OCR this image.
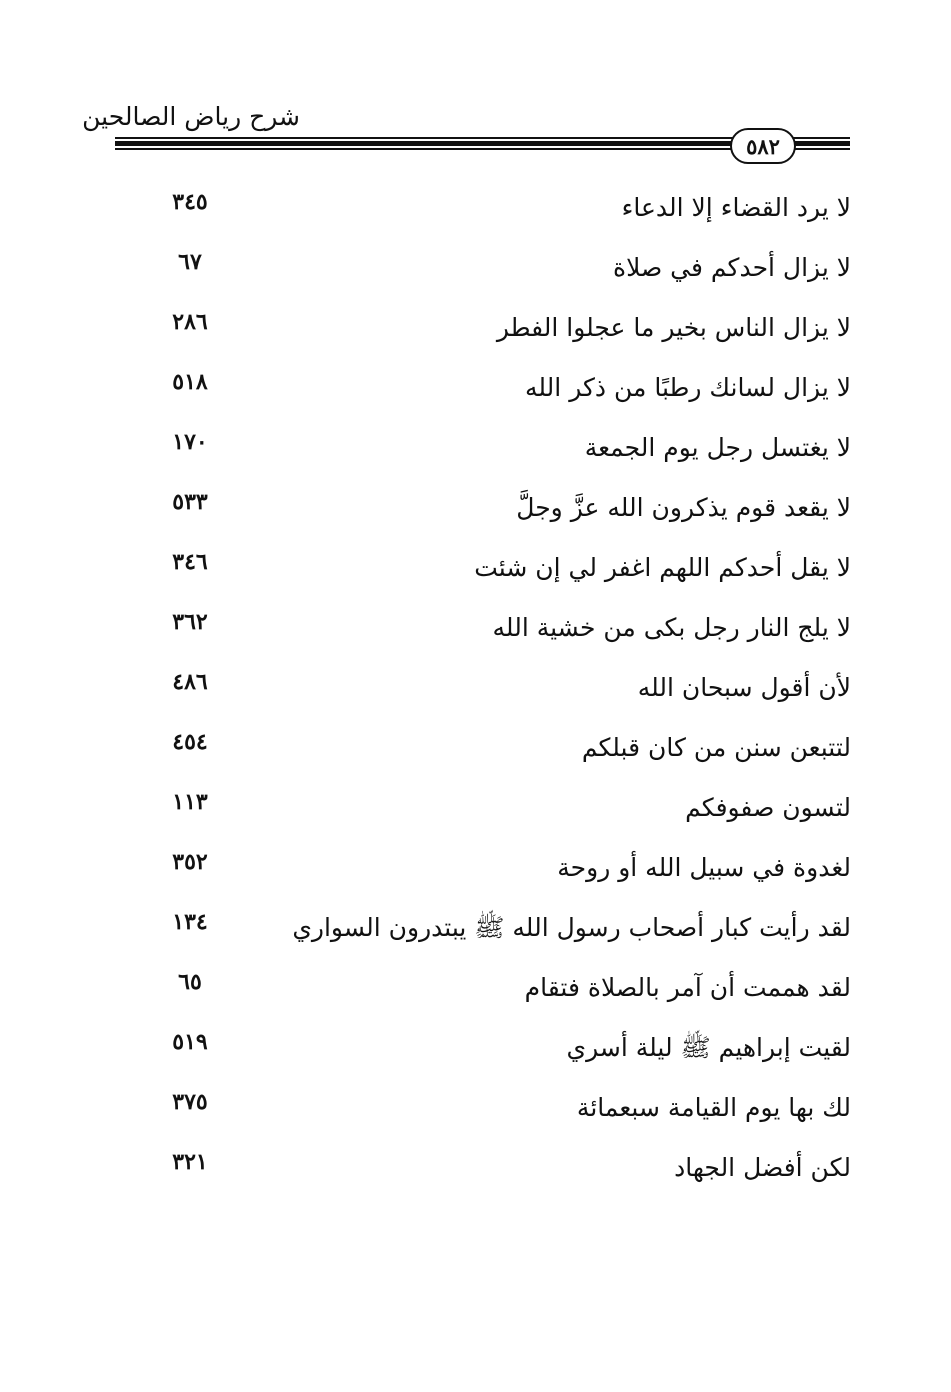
شرح رياض الصالحين
٥٨٢
لا يرد القضاء إلا الدعاء
٣٤٥
لا يزال أحدكم في صلاة
٦٧
لا يزال الناس بخير ما عجلوا الفطر
٢٨٦
لا يزال لسانك رطبًا من ذكر الله
٥١٨
لا يغتسل رجل يوم الجمعة
١٧٠
لا يقعد قوم يذكرون الله عزَّ وجلَّ
٥٣٣
لا يقل أحدكم اللهم اغفر لي إن شئت
٣٤٦
لا يلج النار رجل بكى من خشية الله
٣٦٢
لأن أقول سبحان الله
٤٨٦
لتتبعن سنن من كان قبلكم
٤٥٤
لتسون صفوفكم
١١٣
لغدوة في سبيل الله أو روحة
٣٥٢
لقد رأيت كبار أصحاب رسول الله ﷺ يبتدرون السواري
١٣٤
لقد هممت أن آمر بالصلاة فتقام
٦٥
لقيت إبراهيم ﷺ ليلة أسري
٥١٩
لك بها يوم القيامة سبعمائة
٣٧٥
لكن أفضل الجهاد
٣٢١
